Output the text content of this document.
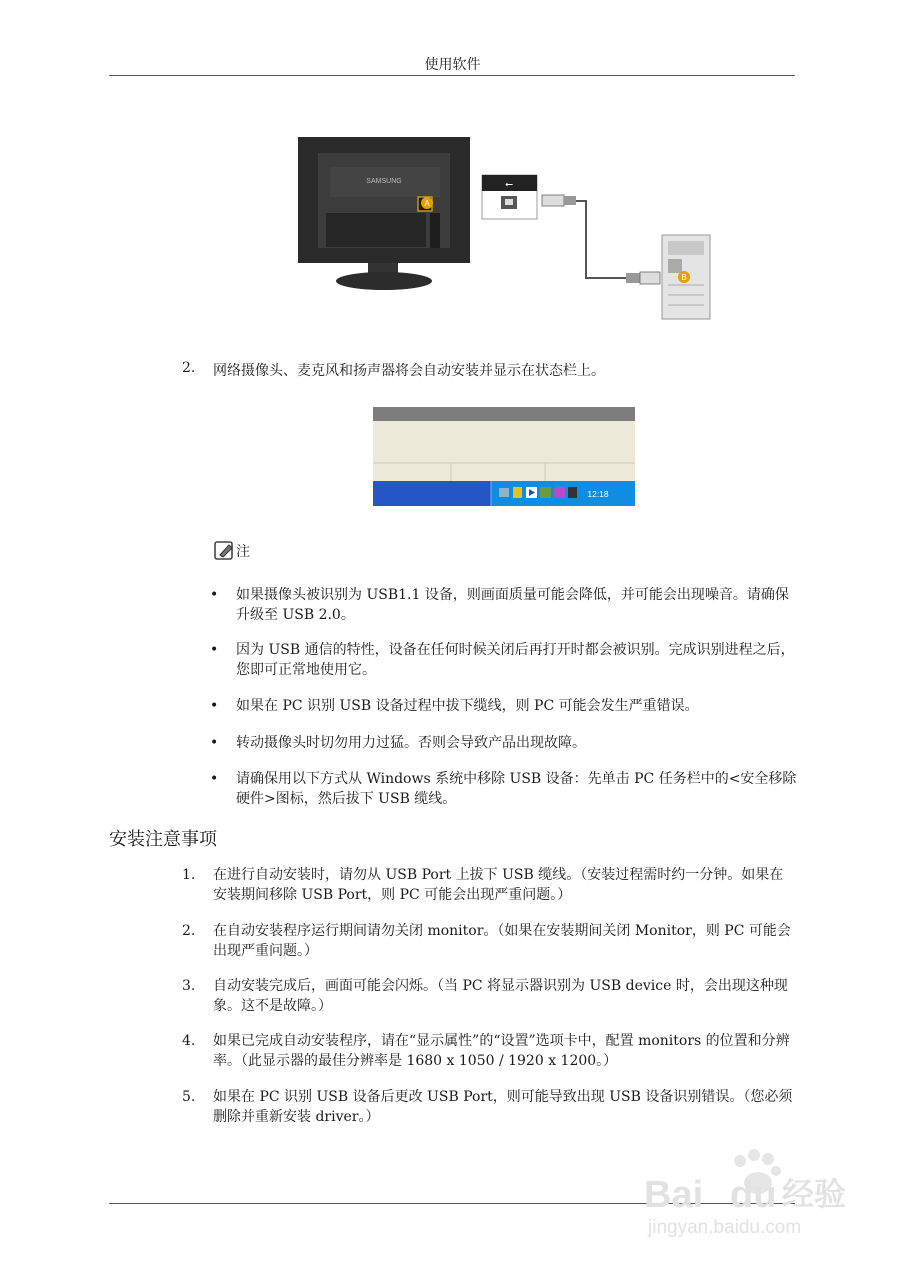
使用软件
SAMSUNG
A
⭠
B
2.	网络摄像头、麦克风和扬声器将会自动安装并显示在状态栏上。
12:18
注
•	如果摄像头被识别为 USB1.1 设备，则画面质量可能会降低，并可能会出现噪音。请确保升级至 USB 2.0。
•	因为 USB 通信的特性，设备在任何时候关闭后再打开时都会被识别。完成识别进程之后，您即可正常地使用它。
•	如果在 PC 识别 USB 设备过程中拔下缆线，则 PC 可能会发生严重错误。
•	转动摄像头时切勿用力过猛。否则会导致产品出现故障。
•	请确保用以下方式从 Windows 系统中移除 USB 设备：先单击 PC 任务栏中的<安全移除硬件>图标，然后拔下 USB 缆线。
安装注意事项
1.	在进行自动安装时，请勿从 USB Port 上拔下 USB 缆线。（安装过程需时约一分钟。如果在安装期间移除 USB Port，则 PC 可能会出现严重问题。）
2.	在自动安装程序运行期间请勿关闭 monitor。（如果在安装期间关闭 Monitor，则 PC 可能会出现严重问题。）
3.	自动安装完成后，画面可能会闪烁。（当 PC 将显示器识别为 USB device 时，会出现这种现象。这不是故障。）
4.	如果已完成自动安装程序，请在“显示属性”的“设置”选项卡中，配置 monitors 的位置和分辨率。（此显示器的最佳分辨率是 1680 x 1050 / 1920 x 1200。）
5.	如果在 PC 识别 USB 设备后更改 USB Port，则可能导致出现 USB 设备识别错误。（您必须删除并重新安装 driver。）
Bai du 经验
jingyan.baidu.com
